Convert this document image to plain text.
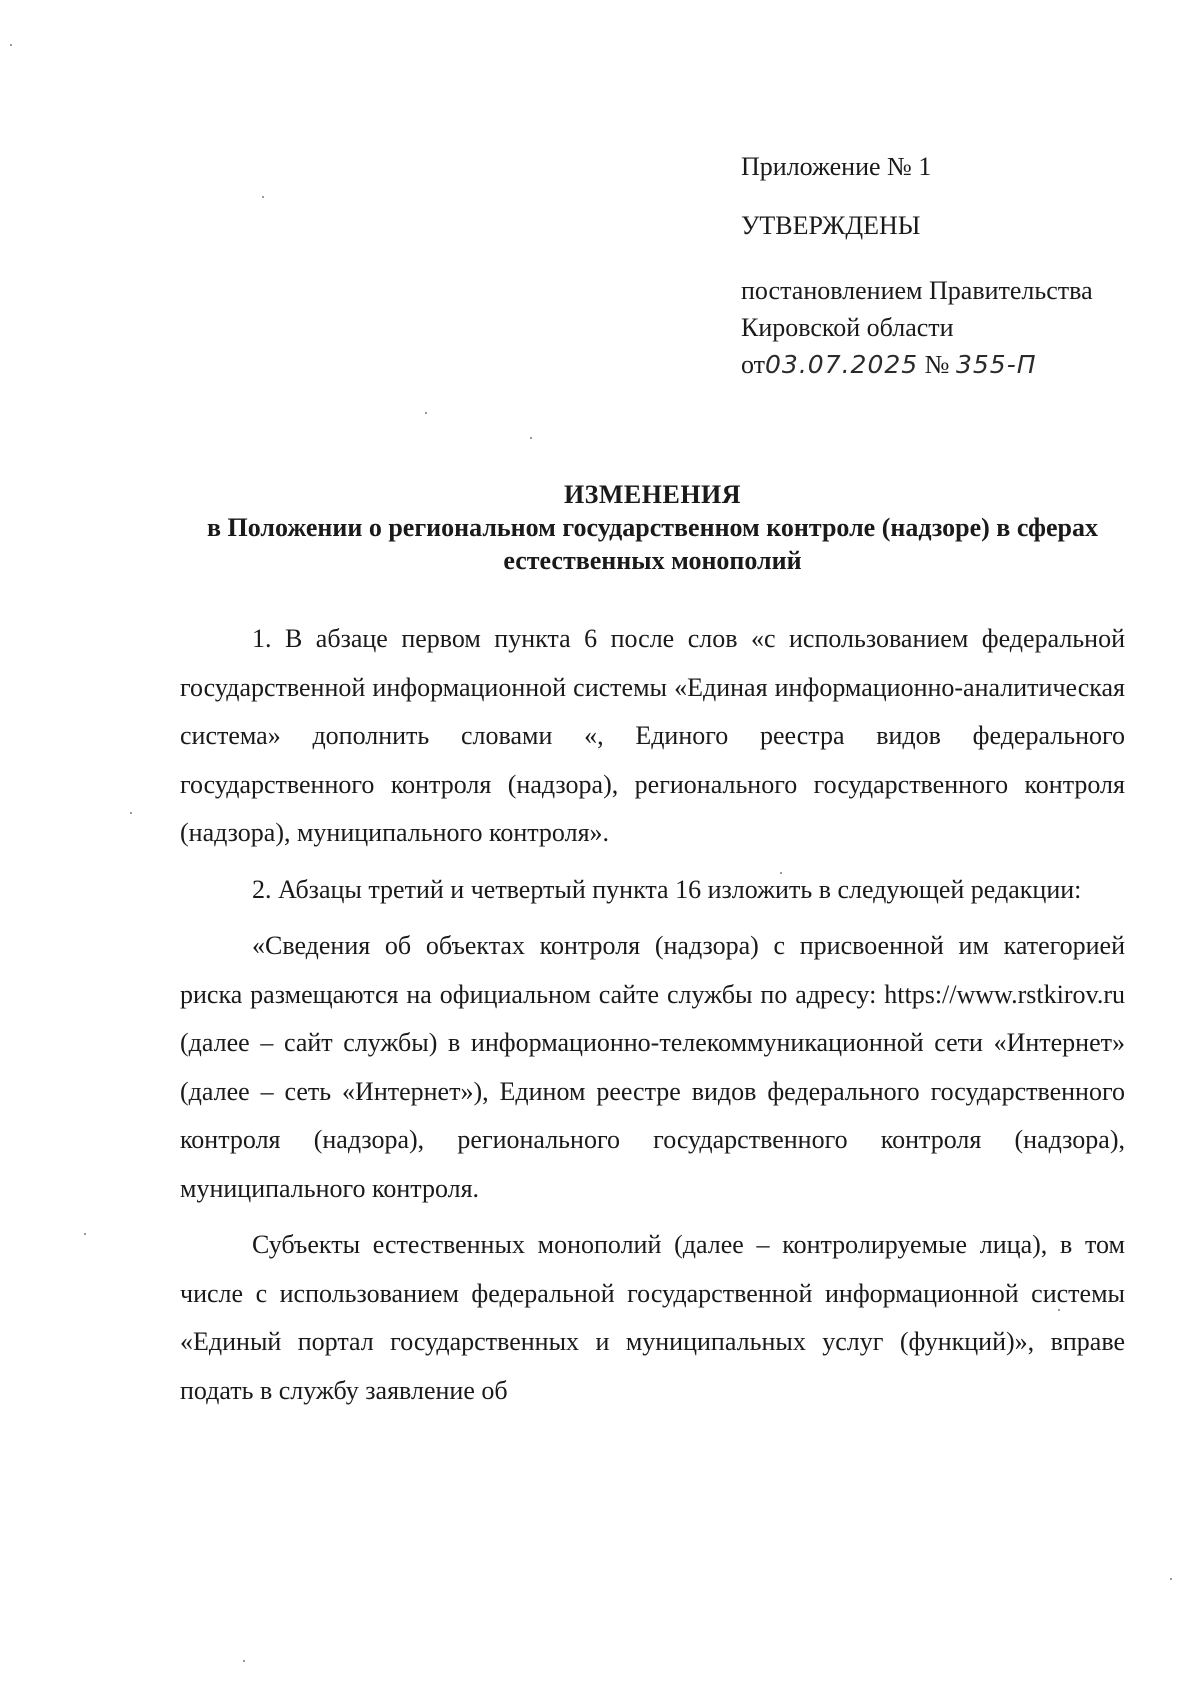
Приложение № 1
УТВЕРЖДЕНЫ
постановлением Правительства
Кировской области
от03.07.2025 № 355-П
ИЗМЕНЕНИЯ
в Положении о региональном государственном контроле (надзоре) в сферах естественных монополий

1. В абзаце первом пункта 6 после слов «с использованием федеральной государственной информационной системы «Единая информационно-аналитическая система» дополнить словами «, Единого реестра видов федерального государственного контроля (надзора), регионального государственного контроля (надзора), муниципального контроля».

2. Абзацы третий и четвертый пункта 16 изложить в следующей редакции:

«Сведения об объектах контроля (надзора) с присвоенной им категорией риска размещаются на официальном сайте службы по адресу: https://www.rstkirov.ru (далее – сайт службы) в информационно-телекоммуникационной сети «Интернет» (далее – сеть «Интернет»), Едином реестре видов федерального государственного контроля (надзора), регионального государственного контроля (надзора), муниципального контроля.

Субъекты естественных монополий (далее – контролируемые лица), в том числе с использованием федеральной государственной информационной системы «Единый портал государственных и муниципальных услуг (функций)», вправе подать в службу заявление об
